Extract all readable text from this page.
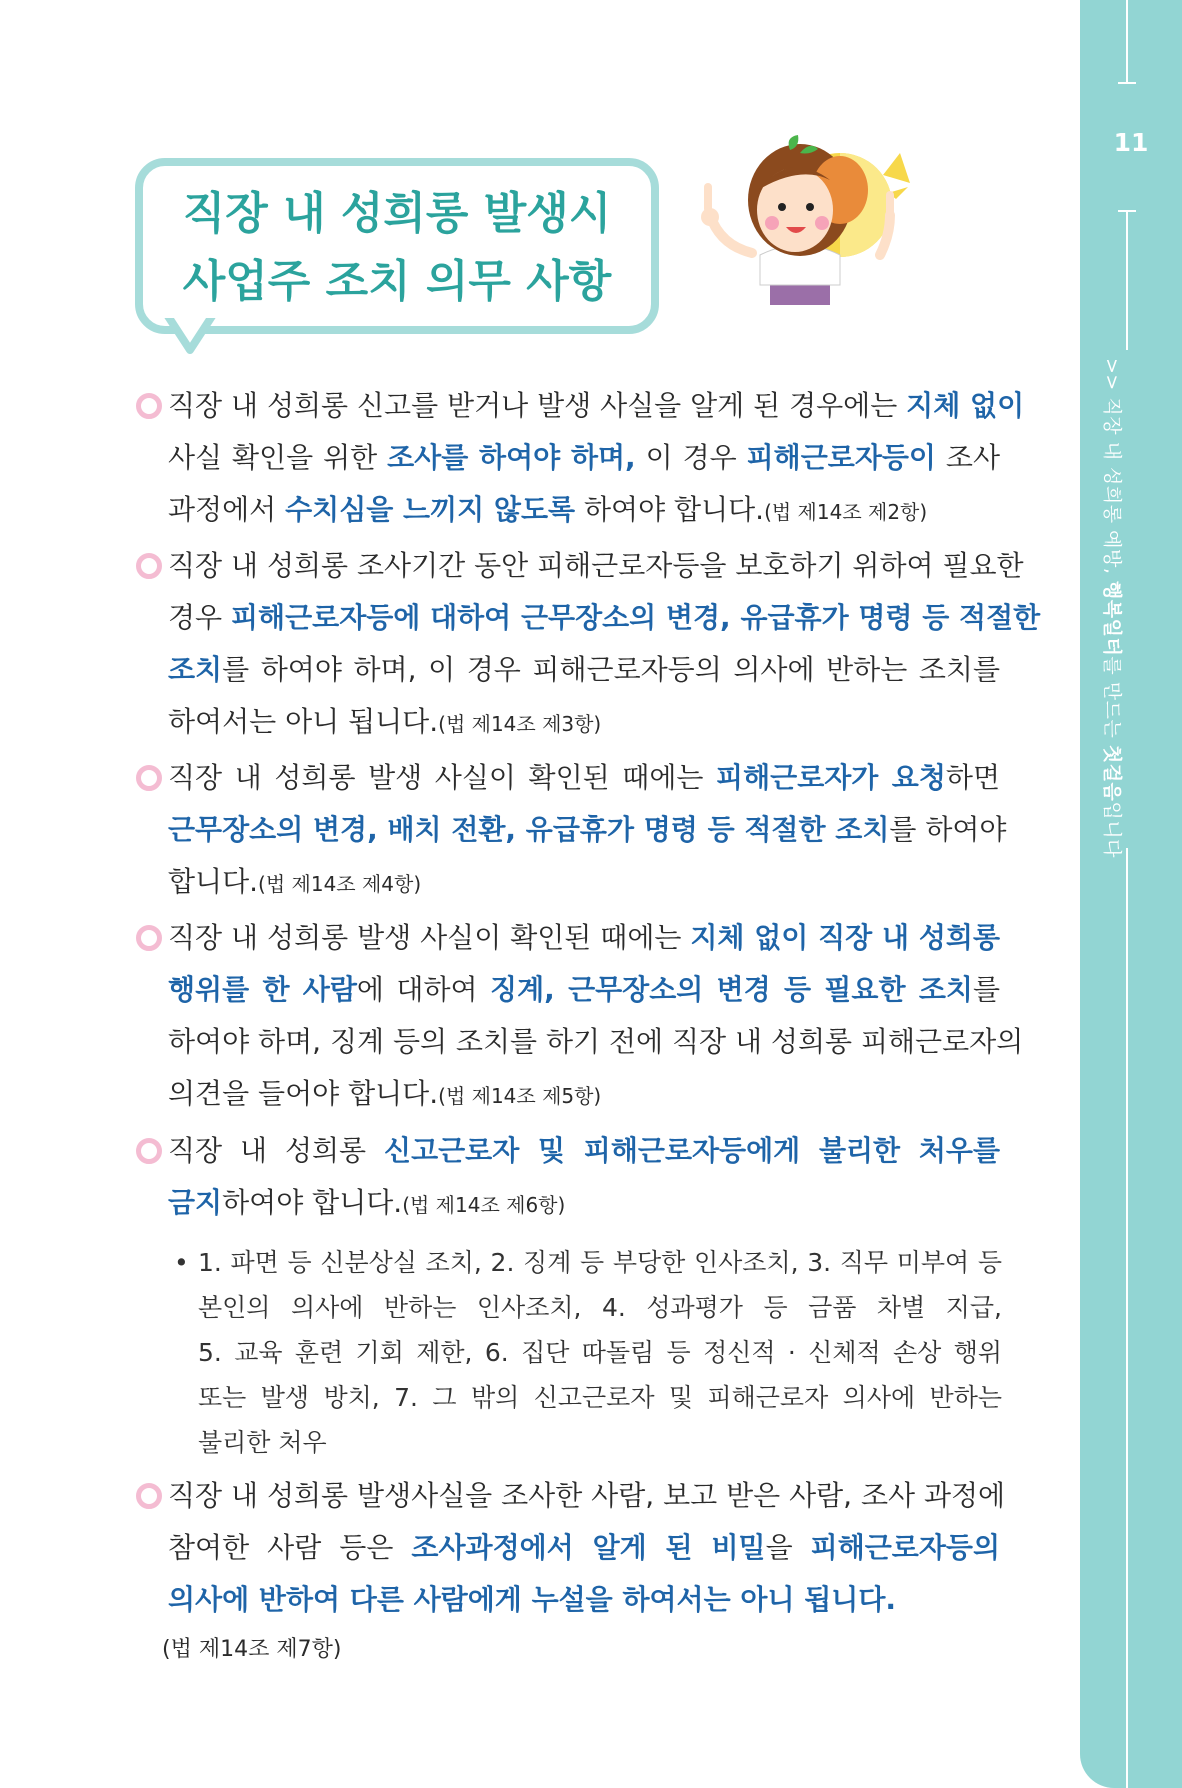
11
>> 직장 내 성희롱 예방, 행복일터를 만드는 첫걸음입니다
직장 내 성희롱 발생시
사업주 조치 의무 사항
직장 내 성희롱 신고를 받거나 발생 사실을 알게 된 경우에는 지체 없이
사실 확인을 위한 조사를 하여야 하며, 이 경우 피해근로자등이 조사
과정에서 수치심을 느끼지 않도록 하여야 합니다.(법 제14조 제2항)
직장 내 성희롱 조사기간 동안 피해근로자등을 보호하기 위하여 필요한
경우 피해근로자등에 대하여 근무장소의 변경, 유급휴가 명령 등 적절한
조치를 하여야 하며, 이 경우 피해근로자등의 의사에 반하는 조치를
하여서는 아니 됩니다.(법 제14조 제3항)
직장 내 성희롱 발생 사실이 확인된 때에는 피해근로자가 요청하면
근무장소의 변경, 배치 전환, 유급휴가 명령 등 적절한 조치를 하여야
합니다.(법 제14조 제4항)
직장 내 성희롱 발생 사실이 확인된 때에는 지체 없이 직장 내 성희롱
행위를 한 사람에 대하여 징계, 근무장소의 변경 등 필요한 조치를
하여야 하며, 징계 등의 조치를 하기 전에 직장 내 성희롱 피해근로자의
의견을 들어야 합니다.(법 제14조 제5항)
직장 내 성희롱 신고근로자 및 피해근로자등에게 불리한 처우를
금지하여야 합니다.(법 제14조 제6항)
• 1. 파면 등 신분상실 조치, 2. 징계 등 부당한 인사조치, 3. 직무 미부여 등
본인의 의사에 반하는 인사조치, 4. 성과평가 등 금품 차별 지급,
5. 교육 훈련 기회 제한, 6. 집단 따돌림 등 정신적 · 신체적 손상 행위
또는 발생 방치, 7. 그 밖의 신고근로자 및 피해근로자 의사에 반하는
불리한 처우
직장 내 성희롱 발생사실을 조사한 사람, 보고 받은 사람, 조사 과정에
참여한 사람 등은 조사과정에서 알게 된 비밀을 피해근로자등의
의사에 반하여 다른 사람에게 누설을 하여서는 아니 됩니다.
(법 제14조 제7항)
